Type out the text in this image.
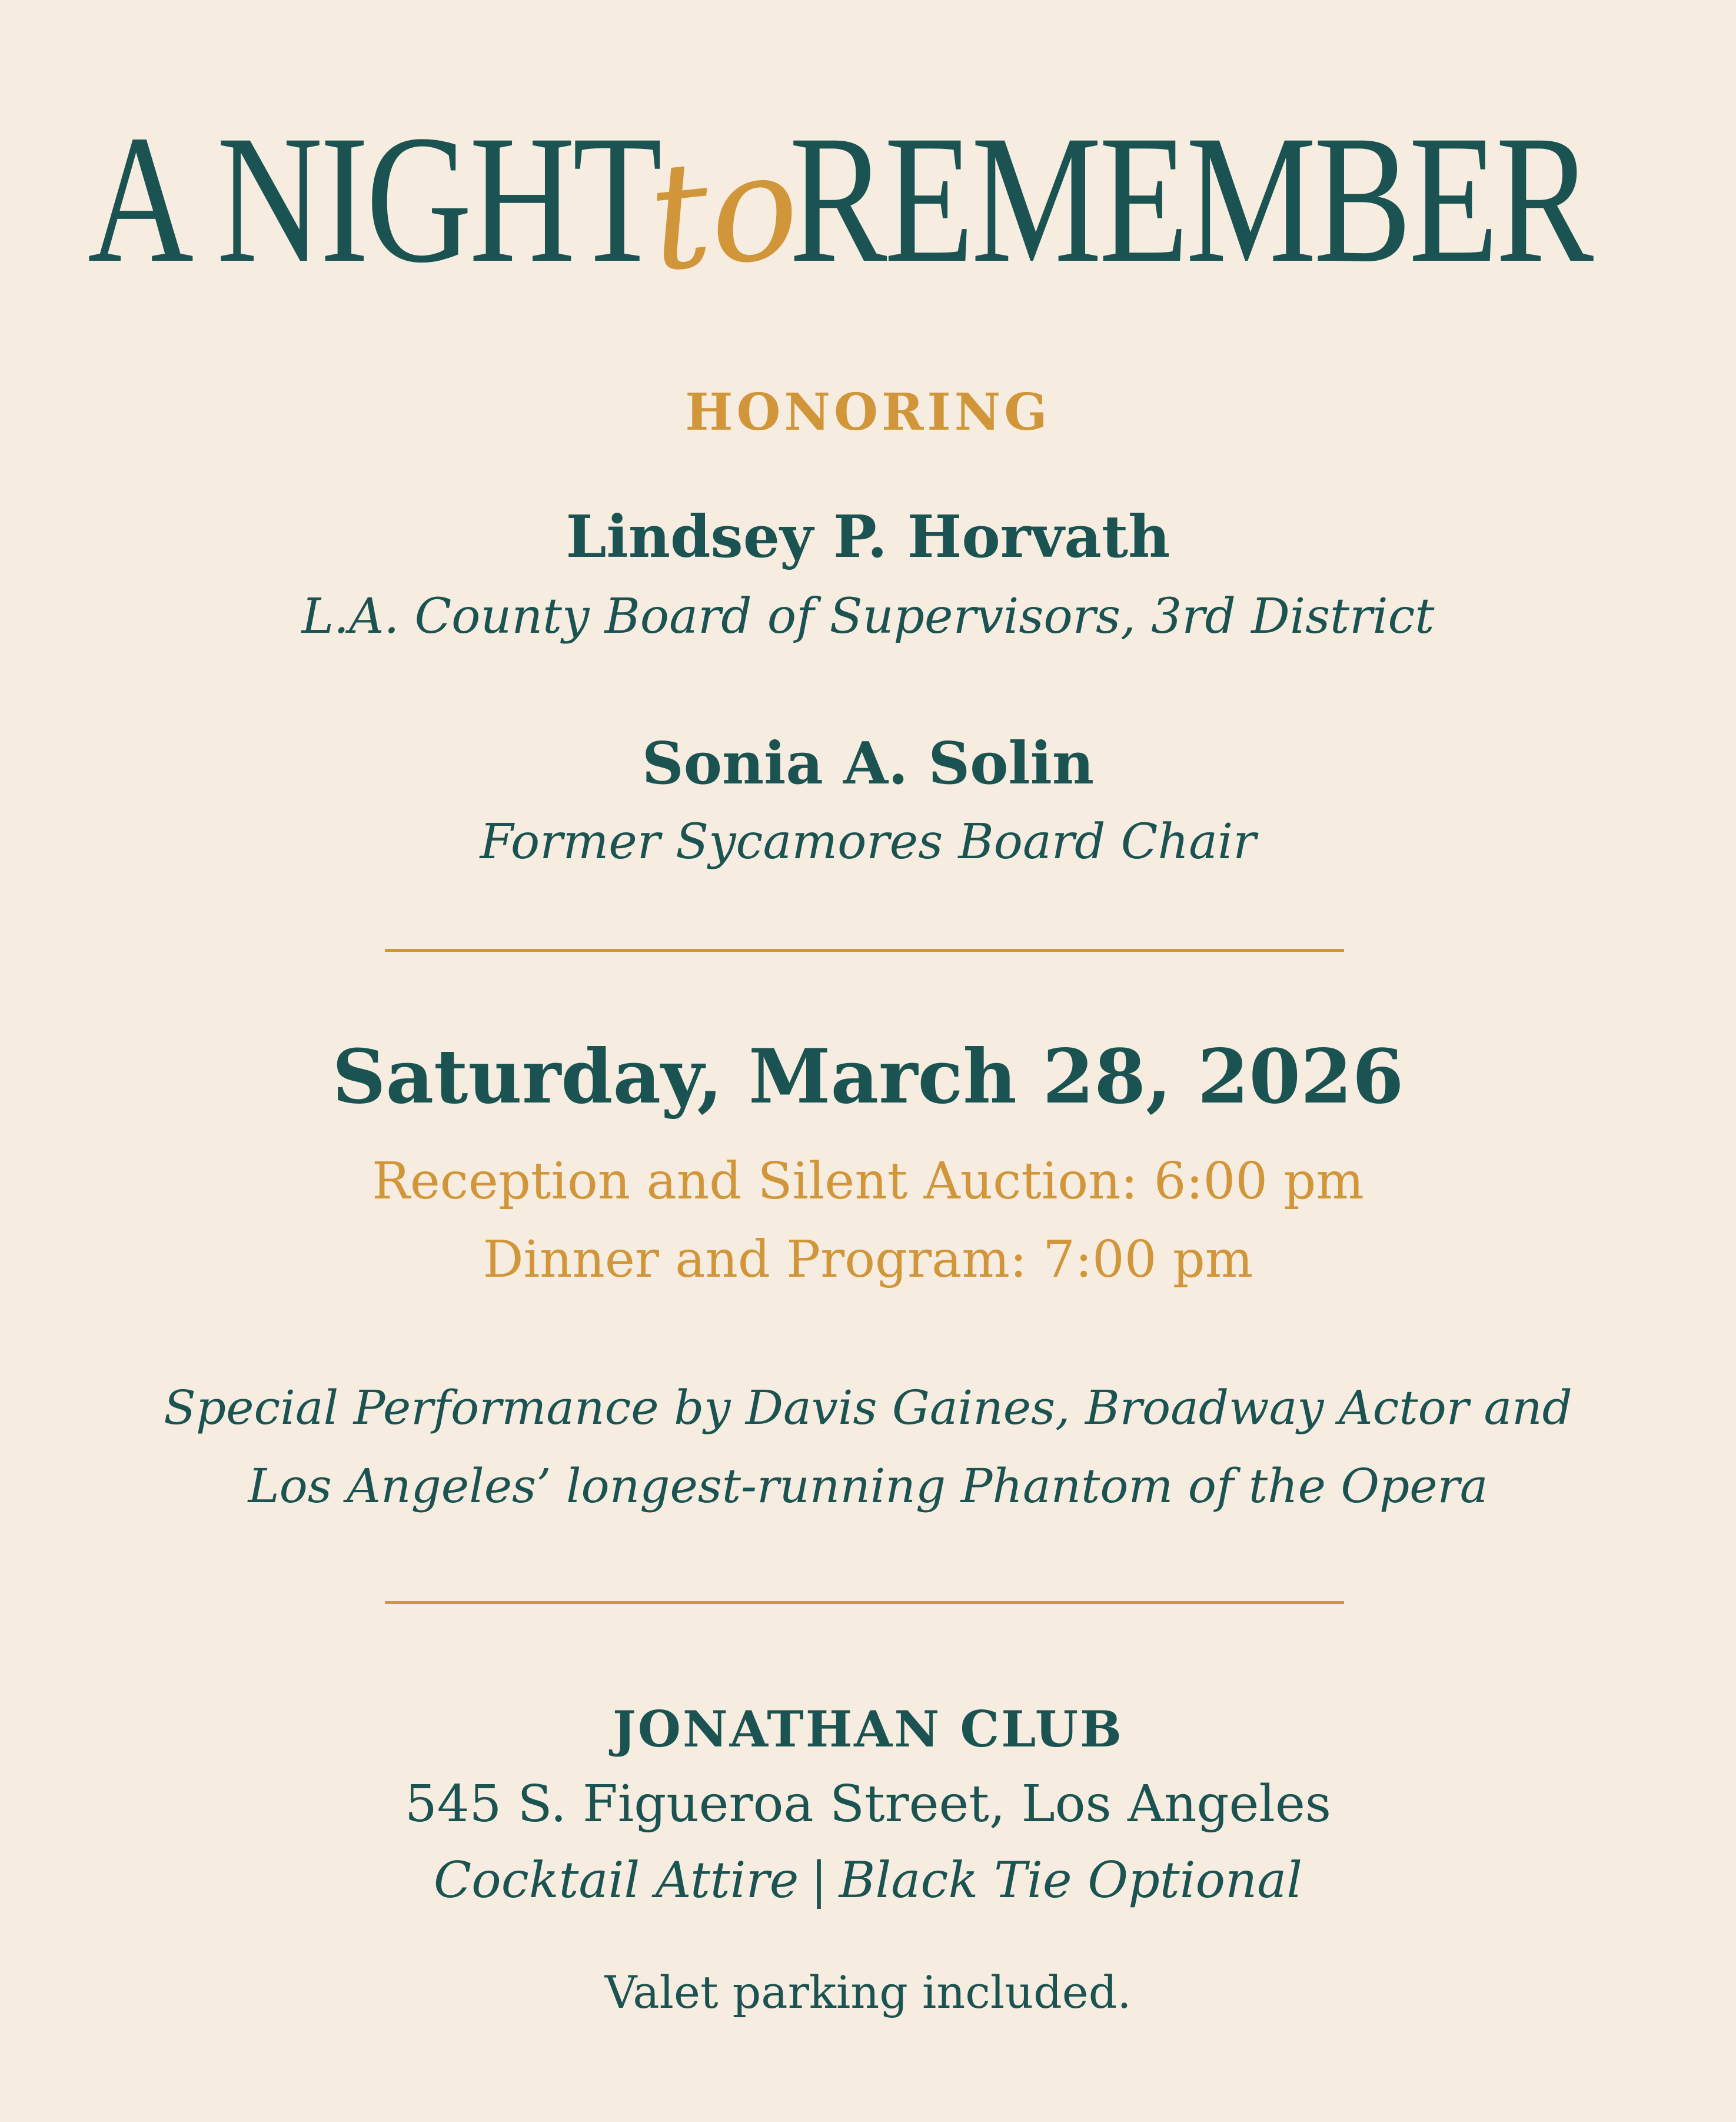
A NIGHT
to
REMEMBER
HONORING
Lindsey P. Horvath
L.A. County Board of Supervisors, 3rd District
Sonia A. Solin
Former Sycamores Board Chair
Saturday, March 28, 2026
Reception and Silent Auction: 6:00 pm
Dinner and Program: 7:00 pm
Special Performance by Davis Gaines, Broadway Actor and
Los Angeles’ longest-running Phantom of the Opera
JONATHAN CLUB
545 S. Figueroa Street, Los Angeles
Cocktail Attire | Black Tie Optional
Valet parking included.
